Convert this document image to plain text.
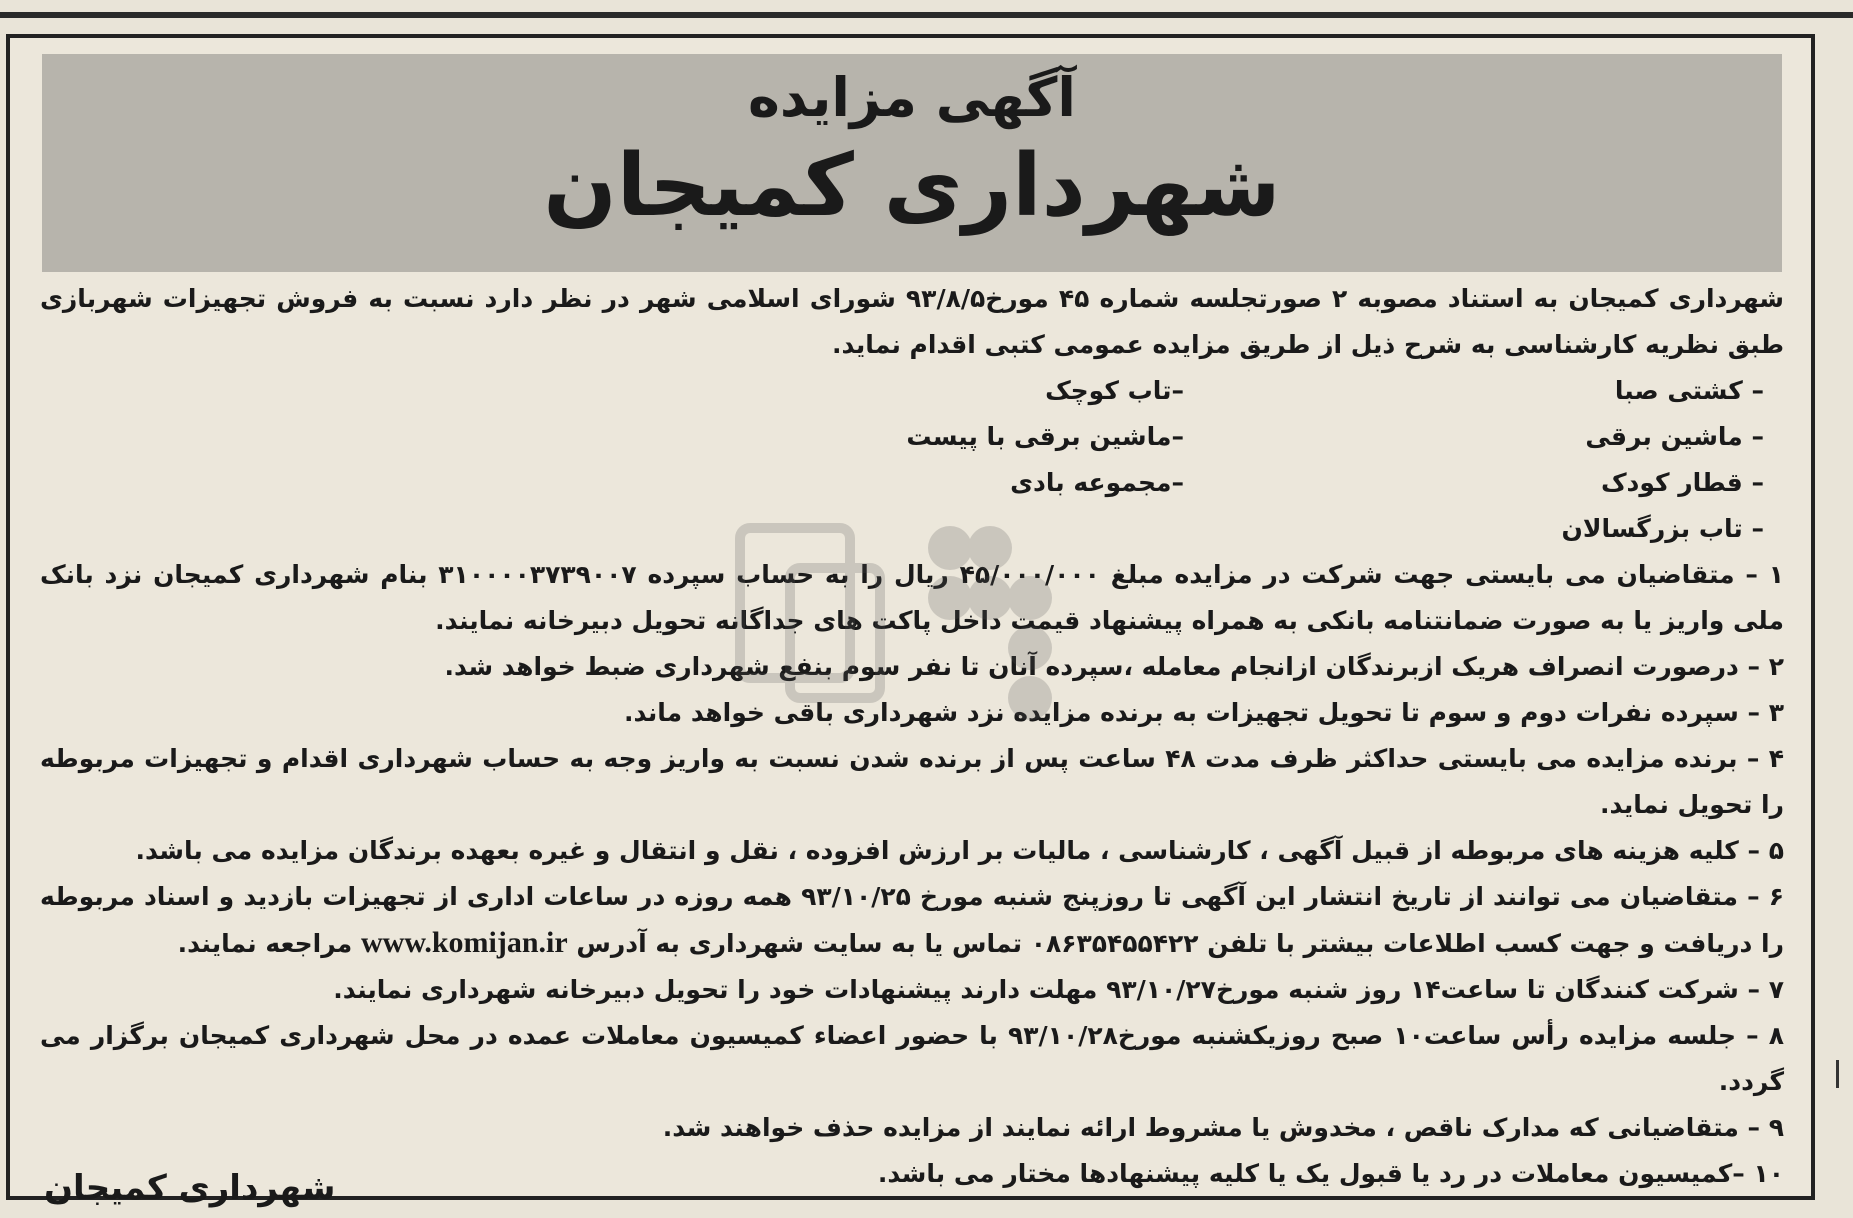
آگهی مزایده
شهرداری کمیجان

شهرداری کمیجان به استناد مصوبه ۲ صورتجلسه شماره ۴۵ مورخ۹۳/۸/۵ شورای اسلامی شهر در نظر دارد نسبت به فروش تجهیزات شهربازی طبق نظریه کارشناسی به شرح ذیل از طریق مزایده عمومی کتبی اقدام نماید.

– کشتی صبا
– ماشین برقی
– قطار کودک
– تاب بزرگسالان
–تاب کوچک
–ماشین برقی با پیست
–مجموعه بادی

۱ – متقاضیان می بایستی جهت شرکت در مزایده مبلغ ۴۵/۰۰۰/۰۰۰ ریال را به حساب سپرده ۳۱۰۰۰۰۳۷۳۹۰۰۷ بنام شهرداری کمیجان نزد بانک ملی واریز یا به صورت ضمانتنامه بانکی به همراه پیشنهاد قیمت داخل پاکت های جداگانه تحویل دبیرخانه نمایند.

۲ – درصورت انصراف هریک ازبرندگان ازانجام معامله ،سپرده آنان تا نفر سوم بنفع شهرداری ضبط خواهد شد.

۳ – سپرده نفرات دوم و سوم تا تحویل تجهیزات به برنده مزایده نزد شهرداری باقی خواهد ماند.

۴ – برنده مزایده می بایستی حداکثر ظرف مدت ۴۸ ساعت پس از برنده شدن نسبت به واریز وجه به حساب شهرداری اقدام و تجهیزات مربوطه را تحویل نماید.

۵ – کلیه هزینه های مربوطه از قبیل آگهی ، کارشناسی ، مالیات بر ارزش افزوده ، نقل و انتقال و غیره بعهده برندگان مزایده می باشد.

۶ – متقاضیان می توانند از تاریخ انتشار این آگهی تا روزپنج شنبه مورخ ۹۳/۱۰/۲۵ همه روزه در ساعات اداری از تجهیزات بازدید و اسناد مربوطه را دریافت و جهت کسب اطلاعات بیشتر با تلفن ۰۸۶۳۵۴۵۵۴۲۲ تماس یا به سایت شهرداری به آدرس www.komijan.ir مراجعه نمایند.

۷ – شرکت کنندگان تا ساعت۱۴ روز شنبه مورخ۹۳/۱۰/۲۷ مهلت دارند پیشنهادات خود را تحویل دبیرخانه شهرداری نمایند.

۸ – جلسه مزایده رأس ساعت۱۰ صبح روزیکشنبه مورخ۹۳/۱۰/۲۸ با حضور اعضاء کمیسیون معاملات عمده در محل شهرداری کمیجان برگزار می گردد.

۹ – متقاضیانی که مدارک ناقص ، مخدوش یا مشروط ارائه نمایند از مزایده حذف خواهند شد.

۱۰ –کمیسیون معاملات در رد یا قبول یک یا کلیه پیشنهادها مختار می باشد.

شهرداری کمیجان
